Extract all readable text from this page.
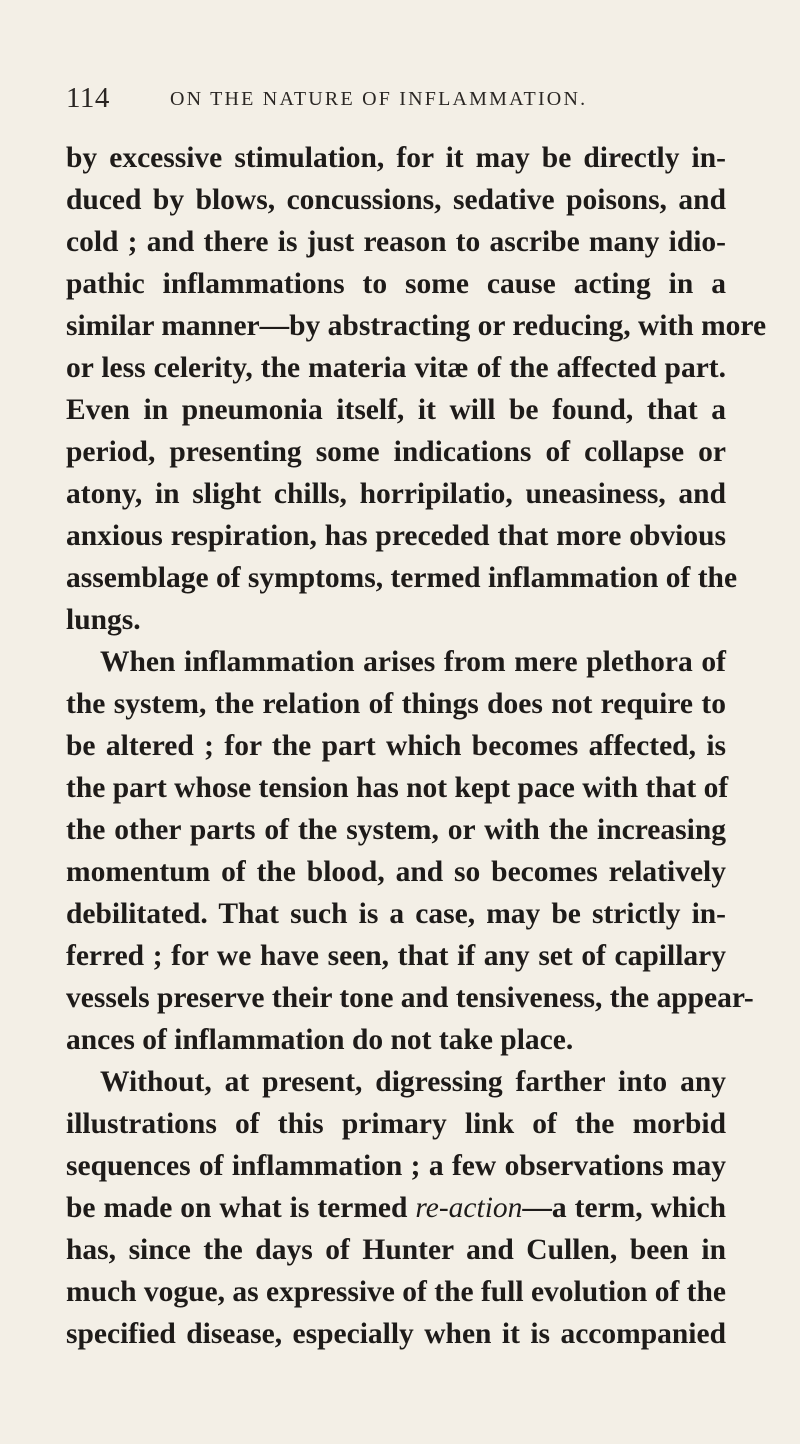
114	ON THE NATURE OF INFLAMMATION.
by excessive stimulation, for it may be directly in-
duced by blows, concussions, sedative poisons, and
cold ; and there is just reason to ascribe many idio-
pathic inflammations to some cause acting in a
similar manner—by abstracting or reducing, with more
or less celerity, the materia vitæ of the affected part.
Even in pneumonia itself, it will be found, that a
period, presenting some indications of collapse or
atony, in slight chills, horripilatio, uneasiness, and
anxious respiration, has preceded that more obvious
assemblage of symptoms, termed inflammation of the
lungs.
When inflammation arises from mere plethora of
the system, the relation of things does not require to
be altered ; for the part which becomes affected, is
the part whose tension has not kept pace with that of
the other parts of the system, or with the increasing
momentum of the blood, and so becomes relatively
debilitated. That such is a case, may be strictly in-
ferred ; for we have seen, that if any set of capillary
vessels preserve their tone and tensiveness, the appear-
ances of inflammation do not take place.
Without, at present, digressing farther into any
illustrations of this primary link of the morbid
sequences of inflammation ; a few observations may
be made on what is termed re-action—a term, which
has, since the days of Hunter and Cullen, been in
much vogue, as expressive of the full evolution of the
specified disease, especially when it is accompanied
